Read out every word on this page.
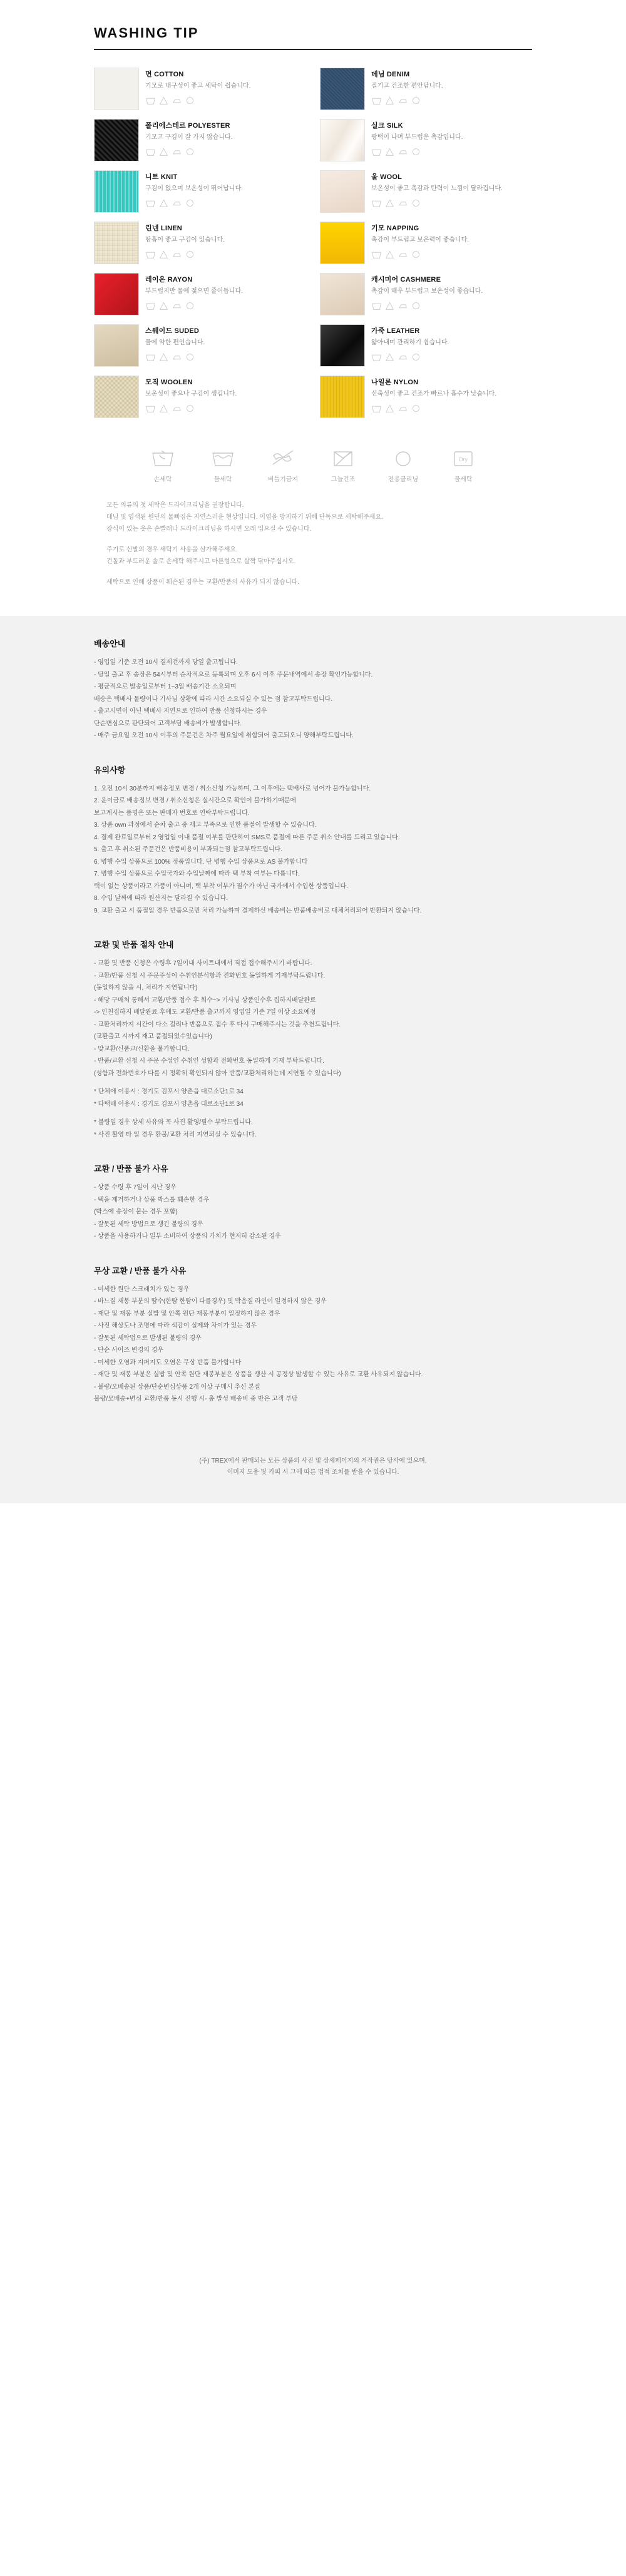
WASHING TIP
면 COTTON
기모로 내구성이 좋고 세탁이 쉽습니다.
데님 DENIM
질기고 건조한 편안답니다.
폴리에스테르 POLYESTER
기모고 구김이 잘 가지 않습니다.
실크 SILK
광택이 나며 부드럽운 촉감입니다.
니트 KNIT
구김이 없으며 보온성이 뛰어납니다.
울 WOOL
보온성이 좋고 촉감과 탄력이 느낌이 달라집니다.
린넨 LINEN
땀흡이 좋고 구김이 있습니다.
기모 NAPPING
촉감이 부드럽고 보온력이 좋습니다.
레이온 RAYON
부드럽지만 물에 젖으면 줄어듭니다.
캐시미어 CASHMERE
촉감이 매우 부드럽고 보온성이 좋습니다.
스웨이드 SUDED
물에 약한 편인습니다.
가죽 LEATHER
얇아내며 관리하기 쉽습니다.
모직 WOOLEN
보온성이 좋으나 구김이 생깁니다.
나일론 NYLON
신축성이 좋고 건조가 빠르나 흡수가 낮습니다.
손세탁	물세탁	비틀기금지	그늘건조	전용클리닝
Dry
물세탁

모든 의류의 첫 세탁은 드라이크리닝을 권장합니다.
데님 및 염색된 원단의 물빠짐은 자연스러운 현상입니다. 이염을 방지하기 위해 단독으로 세탁해주세요.
장식이 있는 옷은 손빨래나 드라이크리닝을 하시면 오래 입으실 수 있습니다.

주기로 신발의 경우 세탁기 사용을 삼가해주세요.
건돌과 부드러운 솔로 손세탁 해주시고 마른형으로 살짝 닦아주십시오.

세탁으로 인해 상품이 훼손된 경우는 교환/반품의 사유가 되지 않습니다.

배송안내
- 영업일 기준 오전 10시 결제건까지 당일 출고됩니다.
- 당일 출고 후 송장은 54시부터 순차적으로 등록되며 오후 6시 이후 주문내역에서 송장 확인가능합니다.
- 평균적으로 발송일로부터 1~3일 배송기간 소요되며
배송은 택배사 물량이나 기사님 상황에 따라 시간 소요되실 수 있는 점 참고부탁드립니다.
- 출고시면이 아닌 택배사 지연으로 인하여 반품 신청하시는 경우
단순변심으로 판단되어 고객부담 배송비가 발생합니다.
- 매주 금요일 오전 10시 이후의 주문건은 차주 월요일에 취합되어 출고되오니 양해부탁드립니다.
유의사항
1. 오전 10시 30분까지 배송정보 변경 / 취소신청 가능하며, 그 이후에는 택배사로 넘어가 불가능합니다.
2. 운이금로 배송정보 변경 / 취소신청은 실시간으로 확인이 불가하기때문에
보고계시는 품명은 또는 판매자 번호로 연락부탁드립니다.
3. 상품 own 과정에서 순차 출고 중 재고 부족으로 인한 품절이 발생할 수 있습니다.
4. 결제 완료일로부터 2 영업일 이내 품절 여부를 판단하여 SMS로 품절에 따른 주문 취소 안내를 드리고 있습니다.
5. 출고 후 취소된 주문건은 반품비용이 부과되는점 참고부탁드립니다.
6. 병행 수입 상품으로 100% 정품입니다. 단 병행 수입 상품으로 AS 불가합니다
7. 병행 수입 상품으로 수입국가와 수입날짜에 따라 택 부착 여부는 다릅니다.
택이 없는 상품이라고 가품이 아니며, 택 부착 여부가 필수가 아닌 국가에서 수입한 상품입니다.
8. 수입 날짜에 따라 원산지는 달라질 수 있습니다.
9. 교환 출고 시 품절일 경우 반품으로만 처리 가능하며 결제하신 배송비는 반품배송비로 대체처리되어 반환되지 않습니다.
교환 및 반품 절차 안내
- 교환 및 반품 신청은 수령후 7일이내 사이트내에서 직접 접수해주시기 바랍니다.
- 교환/반품 신청 시 주문주성이 수취인분식항과 진화번호 동일하게 기재부탁드립니다.
(동일하지 않을 시, 처리가 지연됩니다)
- 해당 구매처 통해서 교환/반품 접수 후 회수~> 기사님 상품인수후 집하지배달완료
-> 인천집하지 배달완료 후에도 교환/반품 출고까지 영업일 기준 7일 이상 소요예정
- 교환처리까지 시간이 다소 걸리나 반품으로 접수 후 다시 구매해주시는 것을 추천드립니다.
(교환출고 시까지 재고 품절되었수있습니다)
- 맞교환/신품교/신환을 불가합니다.
- 반품/교환 신청 시 주문 수성인 수취인 성함과 전화번호 동일하게 기재 부탁드립니다.
(성함과 전화번호가 다를 시 정확히 확인되지 않아 반품/교환처리하는데 지연될 수 있습니다)
* 단체에 이용시 : 경기도 김포시 양촌읍 대로소단1로 34
* 타택배 이용시 : 경기도 김포시 양촌읍 대로소단1로 34
* 불량일 경우 상세 사유와 꼭 사진 활영/필수 부탁드립니다.
* 사진 활영 타 일 경우 환불/교환 처리 지연되실 수 있습니다.
교환 / 반품 불가 사유
- 상품 수령 후 7일이 지난 경우
- 택을 제거하거나 상품 박스를 훼손한 경우
(박스에 송장이 붙는 경우 포함)
- 잘못된 세탁 방법으로 생긴 불량의 경우
- 상품을 사용하거나 일부 소비하여 상품의 가치가 현저히 감소된 경우
무상 교환 / 반품 불가 사유
- 미세한 원단 스크래치가 있는 경우
- 바느질 재봉 부분의 땀수(한땀 한땀이 다를경우) 및 박음질 라인이 일정하지 않은 경우
- 재단 및 재봉 부분 실밥 및 안쪽 원단 재봉부분이 일정하지 많은 경우
- 사진 해상도나 조명에 따라 색감이 실제와 차이가 있는 경우
- 잘못된 세탁법으로 발생된 불량의 경우
- 단순 사이즈 변경의 경우
- 미세한 오염과 지퍼지도 오염은 무상 반품 불가합니다
- 재단 및 재봉 부분은 실밥 및 안쪽 원단 재봉부분은 상품을 생산 시 공정상 발생할 수 있는 사유로 교환 사유되지 않습니다.
- 불량/오배송된 상품/단순변심상품 2개 이상 구매시 추신 본질
불량/모배송+변심 교환/반품 동시 진행 시- 총 발성 배송비 중 반은 고객 부담
(주) TREX에서 판매되는 모든 상품의 사진 및 상세페이지의 저작권은 당사에 있으며,
이미지 도용 및 카피 시 그에 따른 법적 조치를 받을 수 있습니다.
